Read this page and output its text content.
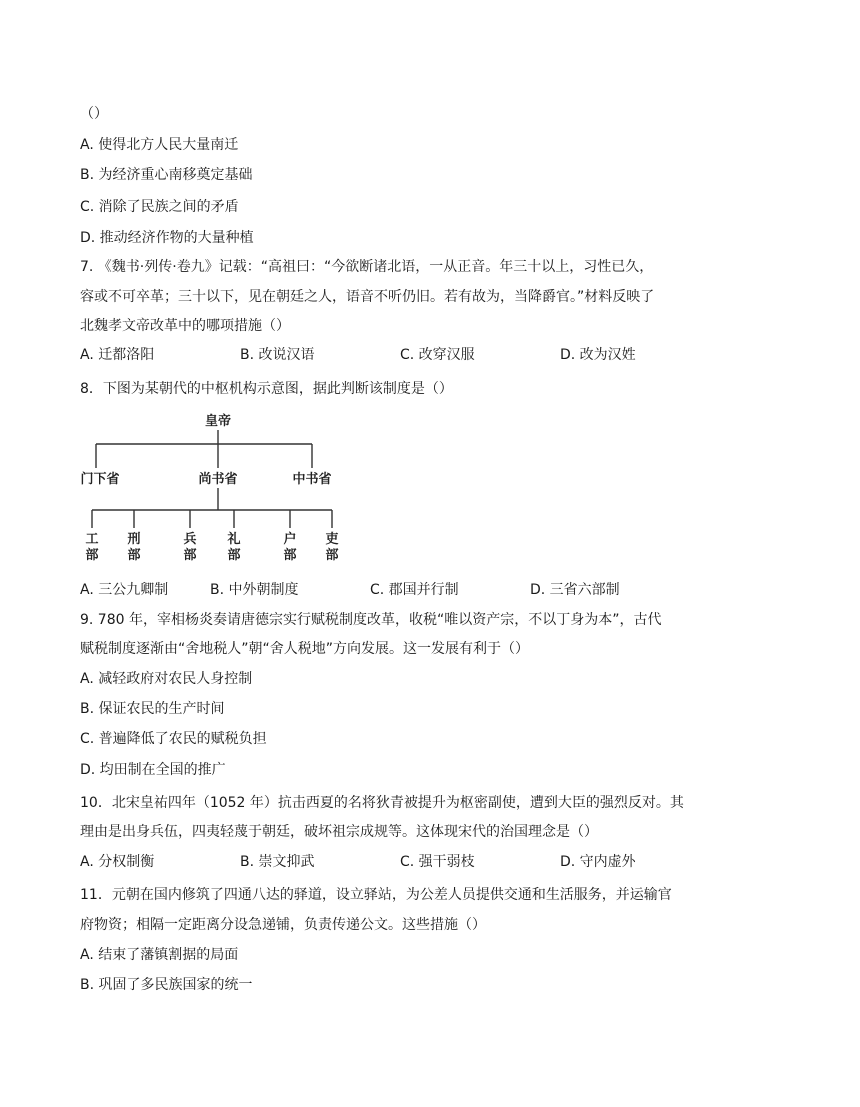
（）
A. 使得北方人民大量南迁
B. 为经济重心南移奠定基础
C. 消除了民族之间的矛盾
D. 推动经济作物的大量种植
7. 《魏书·列传·卷九》记载：“高祖曰：“今欲断诸北语，一从正音。年三十以上，习性已久，
容或不可卒革；三十以下，见在朝廷之人，语音不听仍旧。若有故为，当降爵官。”材料反映了
北魏孝文帝改革中的哪项措施（）
A. 迁都洛阳	B. 改说汉语	C. 改穿汉服	D. 改为汉姓
8．下图为某朝代的中枢机构示意图，据此判断该制度是（）
皇帝
门下省	尚书省	中书省
工
部
刑
部
兵
部
礼
部
户
部
吏
部
A. 三公九卿制	B. 中外朝制度	C. 郡国并行制	D. 三省六部制
9. 780 年，宰相杨炎奏请唐德宗实行赋税制度改革，收税“唯以资产宗，不以丁身为本”，古代
赋税制度逐渐由“舍地税人”朝“舍人税地”方向发展。这一发展有利于（）
A. 减轻政府对农民人身控制
B. 保证农民的生产时间
C. 普遍降低了农民的赋税负担
D. 均田制在全国的推广
10．北宋皇祐四年（1052 年）抗击西夏的名将狄青被提升为枢密副使，遭到大臣的强烈反对。其
理由是出身兵伍，四夷轻蔑于朝廷，破坏祖宗成规等。这体现宋代的治国理念是（）
A. 分权制衡	B. 崇文抑武	C. 强干弱枝	D. 守内虚外
11．元朝在国内修筑了四通八达的驿道，设立驿站，为公差人员提供交通和生活服务，并运输官
府物资；相隔一定距离分设急递铺，负责传递公文。这些措施（）
A. 结束了藩镇割据的局面
B. 巩固了多民族国家的统一
